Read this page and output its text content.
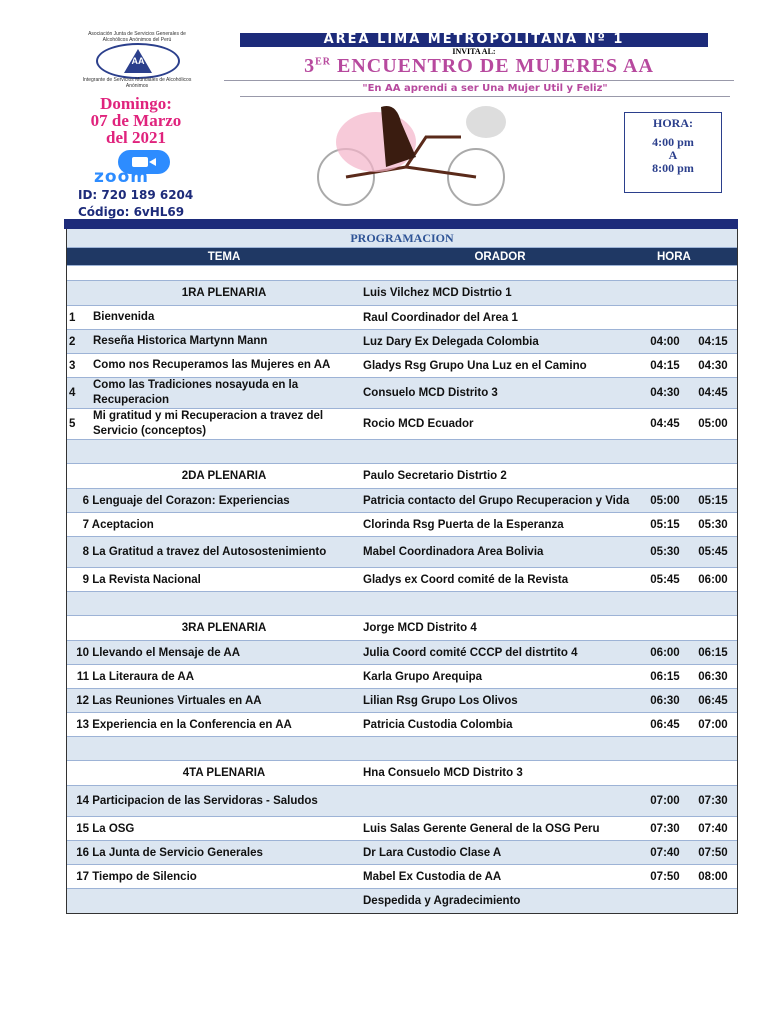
Asociación Junta de Servicios Generales de Alcohólicos Anónimos del Perú
AA
Integrante de Servicios Mundiales de Alcohólicos Anónimos
AREA LIMA METROPOLITANA Nº 1
INVITA AL:
3ER ENCUENTRO DE MUJERES AA
"En AA aprendi a ser Una Mujer Util y Feliz"
Domingo:
07 de Marzo
del 2021
zoom
ID: 720 189 6204
Código: 6vHL69
HORA:
4:00 pm
A
8:00 pm
PROGRAMACION				
	TEMA	ORADOR	HORA	

	1RA PLENARIA	Luis Vilchez MCD Distrtio 1		
1	Bienvenida	Raul Coordinador del Area 1		
2	Reseña Historica Martynn Mann	Luz Dary Ex Delegada Colombia	04:00	04:15
3	Como nos Recuperamos las Mujeres en AA	Gladys Rsg Grupo Una Luz en el Camino	04:15	04:30
4	Como las Tradiciones nosayuda en la Recuperacion	Consuelo MCD Distrito 3	04:30	04:45
5	Mi gratitud y mi Recuperacion a travez del Servicio (conceptos)	Rocio MCD Ecuador	04:45	05:00

	2DA PLENARIA	Paulo Secretario Distrtio 2		
6 Lenguaje del Corazon: Experiencias		Patricia contacto del Grupo Recuperacion y Vida	05:00	05:15
7 Aceptacion		Clorinda Rsg Puerta de la Esperanza	05:15	05:30
8 La Gratitud a travez del Autosostenimiento		Mabel Coordinadora Area Bolivia	05:30	05:45
9 La Revista Nacional		Gladys ex Coord comité de la Revista	05:45	06:00

	3RA PLENARIA	Jorge MCD Distrito 4		
10 Llevando el Mensaje de AA		Julia Coord comité CCCP del distrtito 4	06:00	06:15
11 La Literaura de AA		Karla Grupo Arequipa	06:15	06:30
12 Las Reuniones Virtuales en AA		Lilian Rsg Grupo Los Olivos	06:30	06:45
13 Experiencia en la Conferencia en AA		Patricia Custodia Colombia	06:45	07:00

	4TA PLENARIA	Hna Consuelo MCD Distrito 3		
14 Participacion de las Servidoras - Saludos			07:00	07:30
15 La OSG		Luis Salas Gerente General de la OSG Peru	07:30	07:40
16 La Junta de Servicio Generales		Dr Lara Custodio Clase A	07:40	07:50
17 Tiempo de Silencio		Mabel Ex Custodia de AA	07:50	08:00
		Despedida y Agradecimiento		
